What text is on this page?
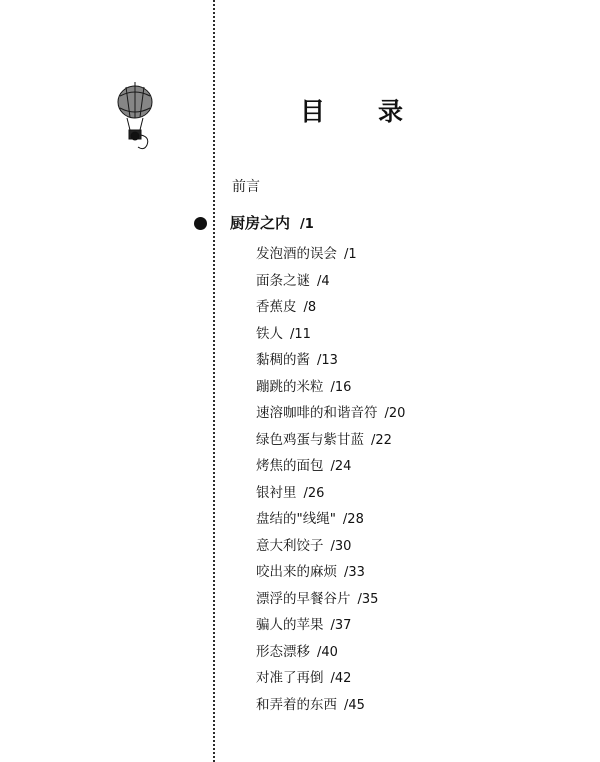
目　录
前言
厨房之内 /1
发泡酒的误会 /1
面条之谜 /4
香蕉皮 /8
铁人 /11
黏稠的酱 /13
蹦跳的米粒 /16
速溶咖啡的和谐音符 /20
绿色鸡蛋与紫甘蓝 /22
烤焦的面包 /24
银衬里 /26
盘结的"线绳" /28
意大利饺子 /30
咬出来的麻烦 /33
漂浮的早餐谷片 /35
骗人的苹果 /37
形态漂移 /40
对准了再倒 /42
和弄着的东西 /45
